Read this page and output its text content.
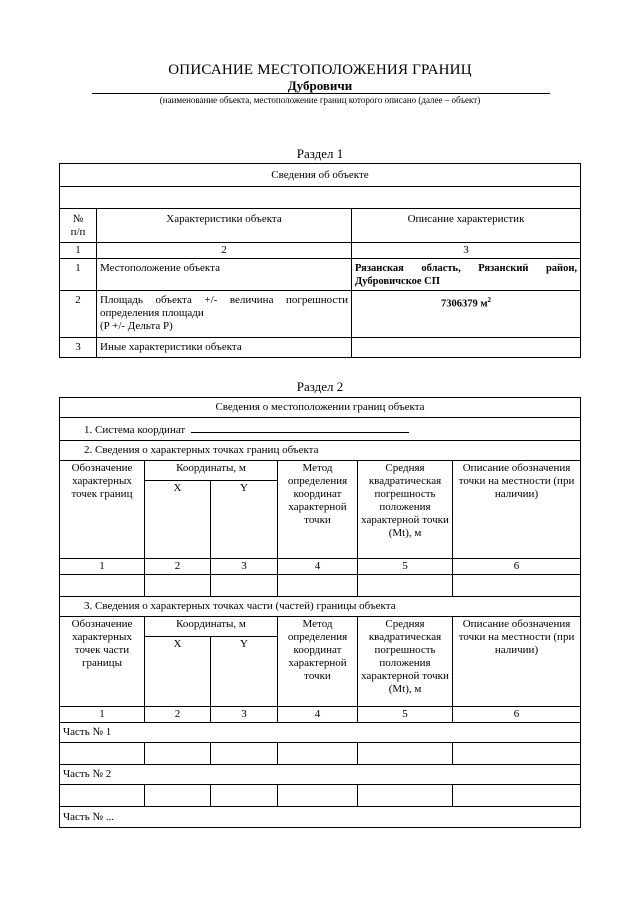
ОПИСАНИЕ МЕСТОПОЛОЖЕНИЯ ГРАНИЦ
Дубровичи
(наименование объекта, местоположение границ которого описано (далее – объект)
Раздел 1
Сведения об объекте		

№
п/п	Характеристики объекта	Описание характеристик
1	2	3
1	Местоположение объекта	Рязанская область, Рязанский район,
Дубровичское СП

2	Площадь объекта +/- величина погрешности определения площади
(P +/- Дельта P)	7306379 $м^2$
3	Иные характеристики объекта	
Раздел 2
Сведения о местоположении границ объекта					
1. Система координат					
2. Сведения о характерных точках границ объекта					
Обозначение характерных точек границ	Координаты, м		Метод определения координат характерной точки	Средняя квадратическая погрешность положения характерной точки (Mt), м	Описание обозначения точки на местности (при наличии)
	X	Y			
1	2	3	4	5	6

3. Сведения о характерных точках части (частей) границы объекта					
Обозначение характерных точек части границы	Координаты, м		Метод определения координат характерной точки	Средняя квадратическая погрешность положения характерной точки (Mt), м	Описание обозначения точки на местности (при наличии)
	X	Y			
1	2	3	4	5	6
Часть № 1					

Часть № 2					

Часть № ...					
